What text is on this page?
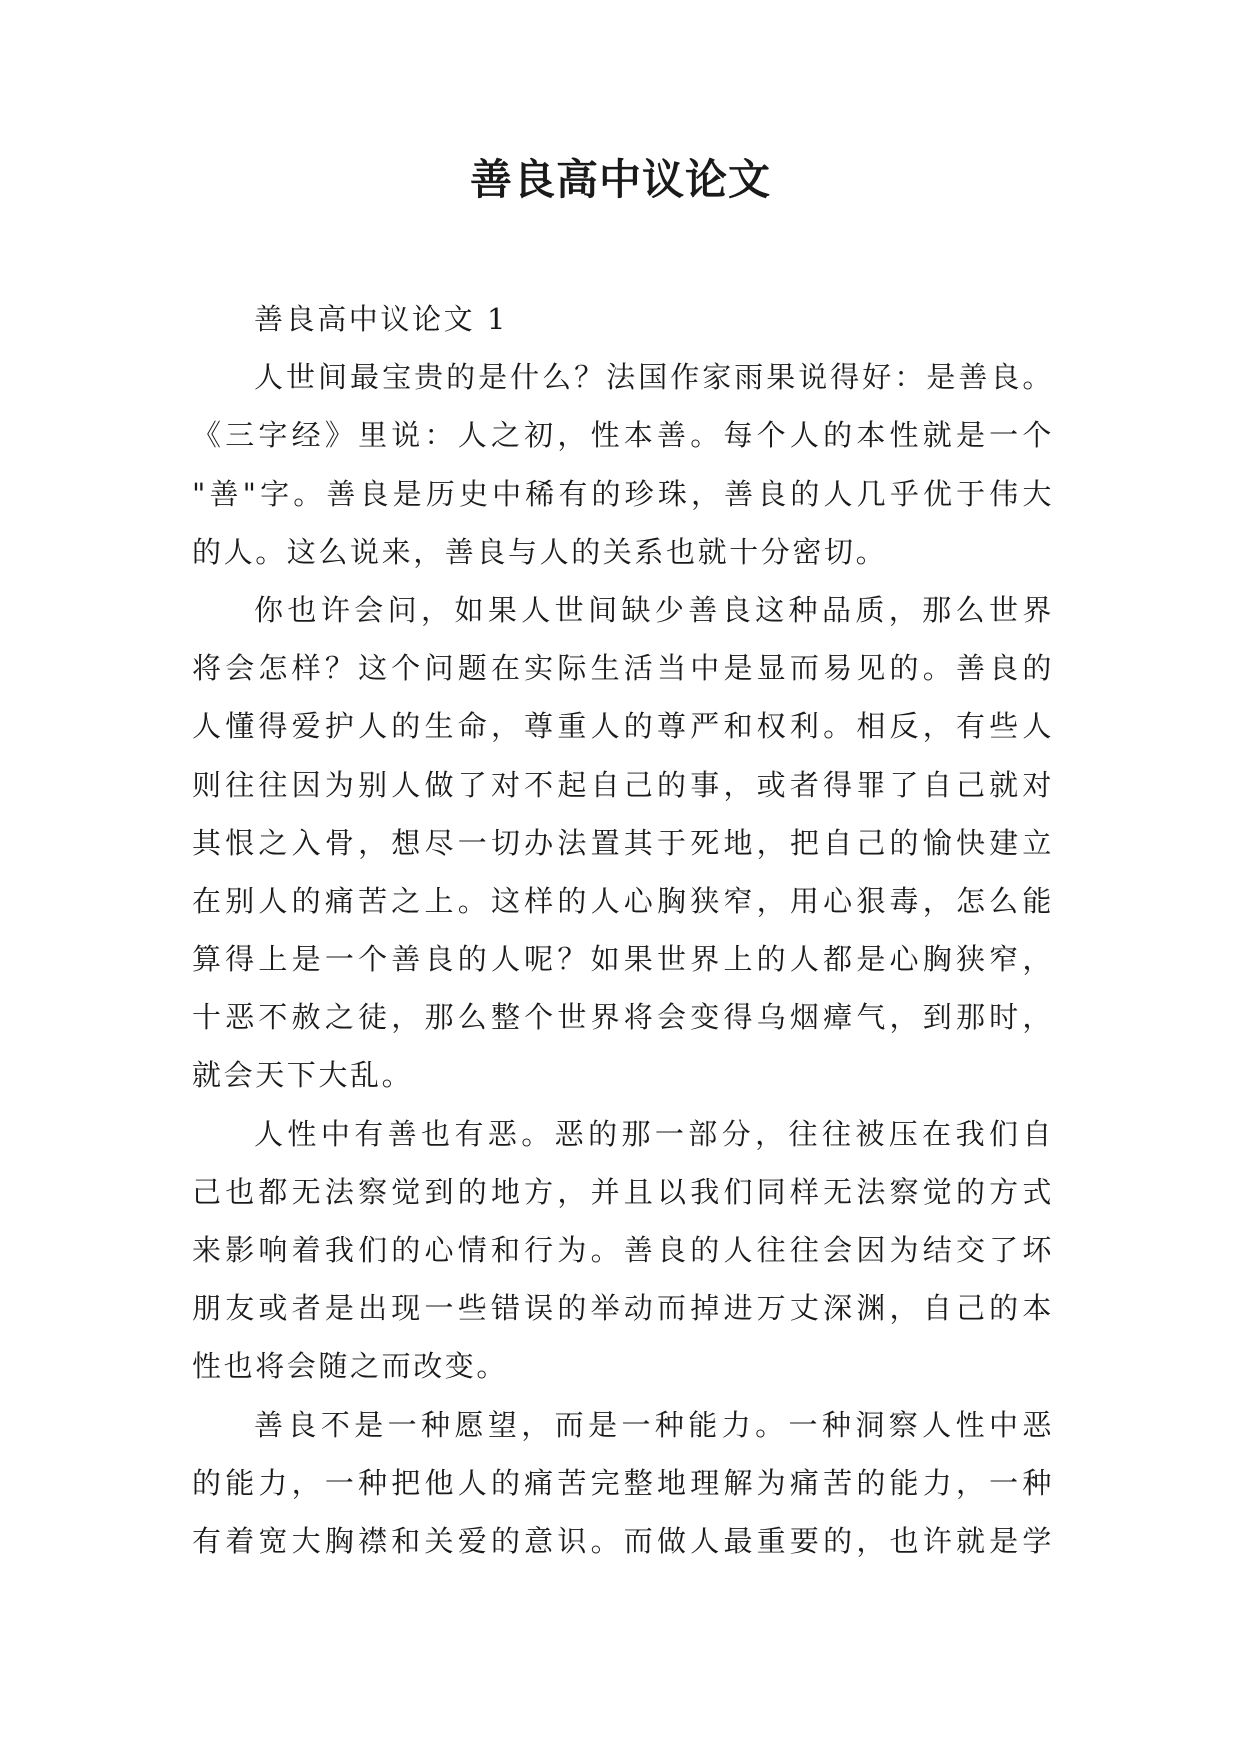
善良高中议论文
善良高中议论文 1
人世间最宝贵的是什么？法国作家雨果说得好：是善良。
《三字经》里说：人之初，性本善。每个人的本性就是一个
"善"字。善良是历史中稀有的珍珠，善良的人几乎优于伟大
的人。这么说来，善良与人的关系也就十分密切。
你也许会问，如果人世间缺少善良这种品质，那么世界
将会怎样？这个问题在实际生活当中是显而易见的。善良的
人懂得爱护人的生命，尊重人的尊严和权利。相反，有些人
则往往因为别人做了对不起自己的事，或者得罪了自己就对
其恨之入骨，想尽一切办法置其于死地，把自己的愉快建立
在别人的痛苦之上。这样的人心胸狭窄，用心狠毒，怎么能
算得上是一个善良的人呢？如果世界上的人都是心胸狭窄，
十恶不赦之徒，那么整个世界将会变得乌烟瘴气，到那时，
就会天下大乱。
人性中有善也有恶。恶的那一部分，往往被压在我们自
己也都无法察觉到的地方，并且以我们同样无法察觉的方式
来影响着我们的心情和行为。善良的人往往会因为结交了坏
朋友或者是出现一些错误的举动而掉进万丈深渊，自己的本
性也将会随之而改变。
善良不是一种愿望，而是一种能力。一种洞察人性中恶
的能力，一种把他人的痛苦完整地理解为痛苦的能力，一种
有着宽大胸襟和关爱的意识。而做人最重要的，也许就是学
